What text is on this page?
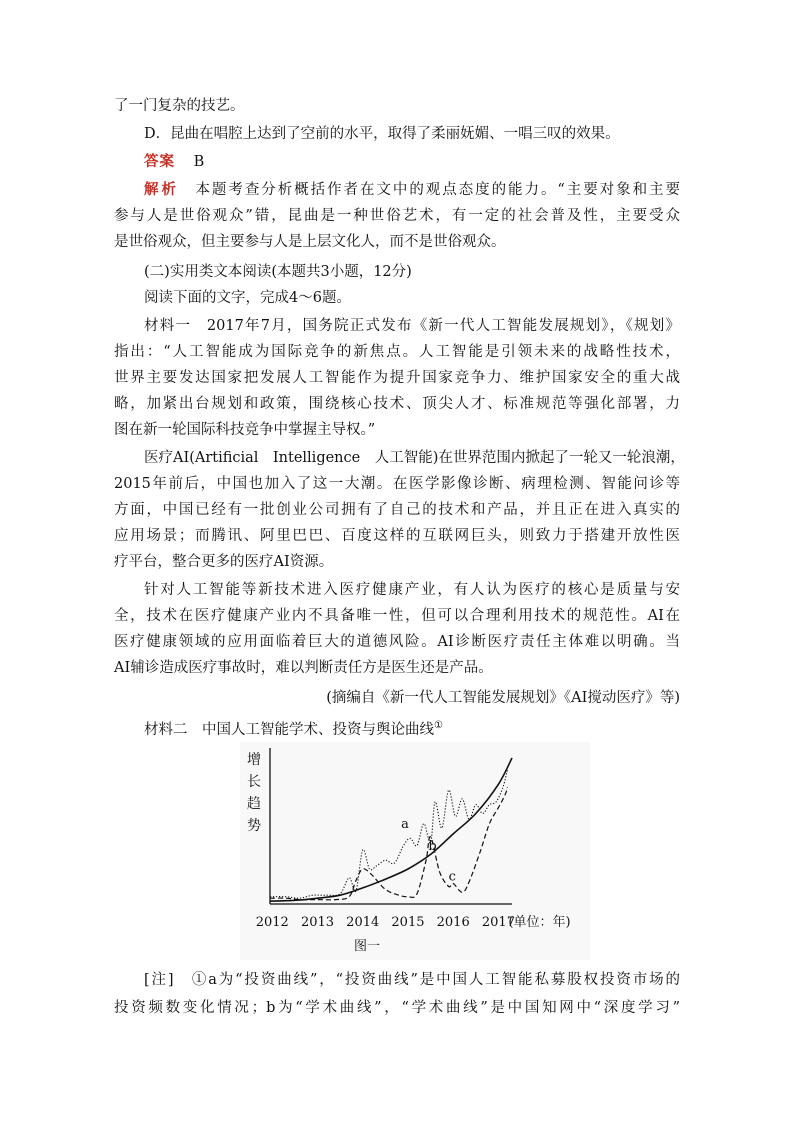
了一门复杂的技艺。

D．昆曲在唱腔上达到了空前的水平，取得了柔丽妩媚、一唱三叹的效果。

答案 B

解析 本题考查分析概括作者在文中的观点态度的能力。“主要对象和主要

参与人是世俗观众”错，昆曲是一种世俗艺术，有一定的社会普及性，主要受众

是世俗观众，但主要参与人是上层文化人，而不是世俗观众。

(二)实用类文本阅读(本题共3小题，12分)

阅读下面的文字，完成4～6题。

材料一　2017年7月，国务院正式发布《新一代人工智能发展规划》，《规划》

指出：“人工智能成为国际竞争的新焦点。人工智能是引领未来的战略性技术，

世界主要发达国家把发展人工智能作为提升国家竞争力、维护国家安全的重大战

略，加紧出台规划和政策，围绕核心技术、顶尖人才、标准规范等强化部署，力

图在新一轮国际科技竞争中掌握主导权。”

医疗AI(Artificial　Intelligence　人工智能)在世界范围内掀起了一轮又一轮浪潮，

2015年前后，中国也加入了这一大潮。在医学影像诊断、病理检测、智能问诊等

方面，中国已经有一批创业公司拥有了自己的技术和产品，并且正在进入真实的

应用场景；而腾讯、阿里巴巴、百度这样的互联网巨头，则致力于搭建开放性医

疗平台，整合更多的医疗AI资源。

针对人工智能等新技术进入医疗健康产业，有人认为医疗的核心是质量与安

全，技术在医疗健康产业内不具备唯一性，但可以合理利用技术的规范性。AI在

医疗健康领域的应用面临着巨大的道德风险。AI诊断医疗责任主体难以明确。当

AI辅诊造成医疗事故时，难以判断责任方是医生还是产品。

(摘编自《新一代人工智能发展规划》《AI搅动医疗》等)

材料二　中国人工智能学术、投资与舆论曲线①

增
长
趋
势	a
b
c
2012 2013 2014 2015 2016 2017
(单位：年)
图一

[注]　①a为“投资曲线”，“投资曲线”是中国人工智能私募股权投资市场的

投资频数变化情况；b为“学术曲线”，“学术曲线”是中国知网中“深度学习”
